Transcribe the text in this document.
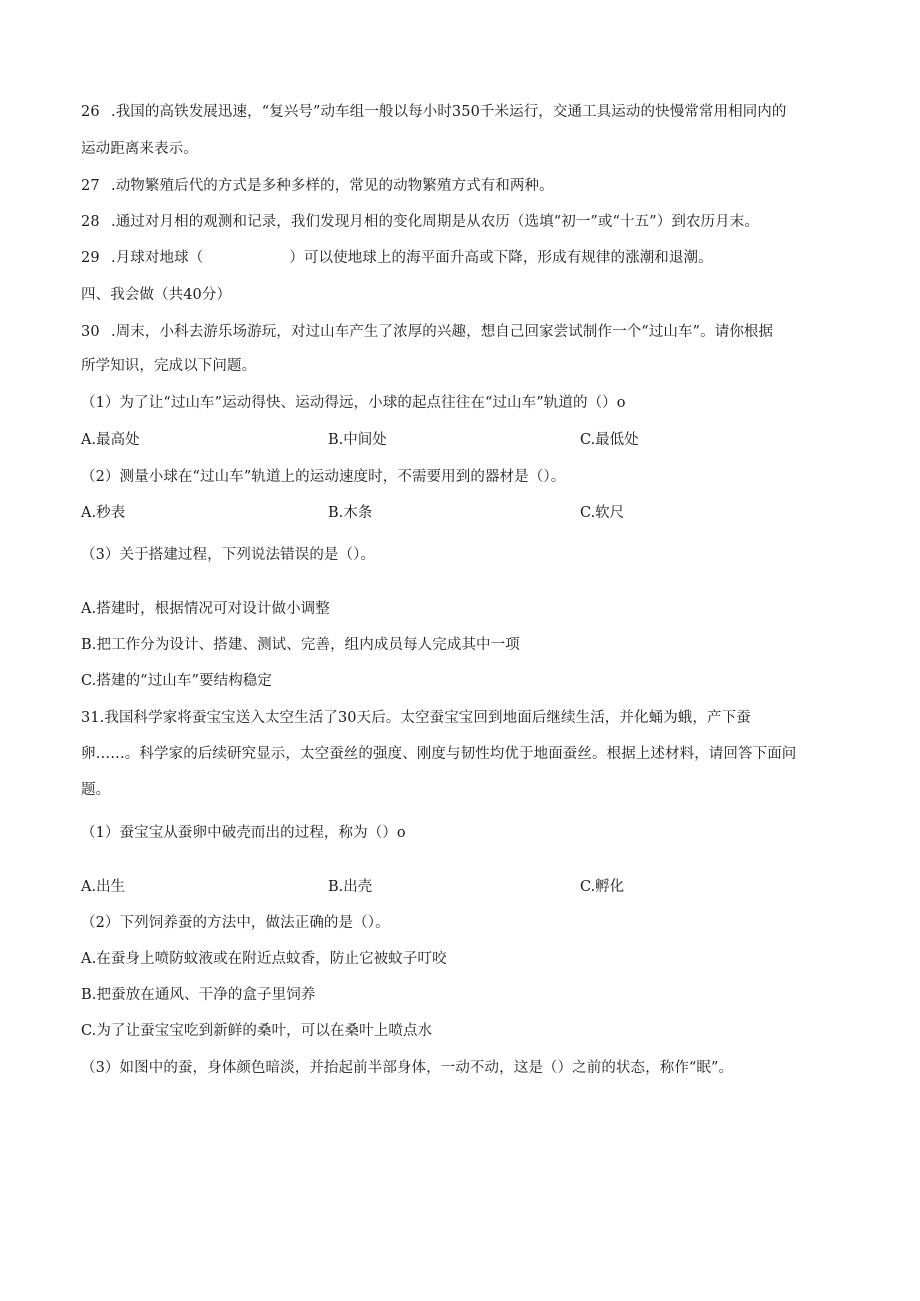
26 .我国的高铁发展迅速，“复兴号”动车组一般以每小时350千米运行，交通工具运动的快慢常常用相同内的
运动距离来表示。
27 .动物繁殖后代的方式是多种多样的，常见的动物繁殖方式有和两种。
28 .通过对月相的观测和记录，我们发现月相的变化周期是从农历（选填“初一”或“十五”）到农历月末。
29 .月球对地球（	）可以使地球上的海平面升高或下降，形成有规律的涨潮和退潮。
四、我会做（共40分）
30 .周末，小科去游乐场游玩，对过山车产生了浓厚的兴趣，想自己回家尝试制作一个“过山车”。请你根据
所学知识，完成以下问题。
（1）为了让“过山车”运动得快、运动得远，小球的起点往往在“过山车”轨道的（）o
A.最高处	B.中间处	C.最低处
（2）测量小球在“过山车”轨道上的运动速度时，不需要用到的器材是（）。
A.秒表	B.木条	C.软尺
（3）关于搭建过程，下列说法错误的是（）。
A.搭建时，根据情况可对设计做小调整
B.把工作分为设计、搭建、测试、完善，组内成员每人完成其中一项
C.搭建的“过山车”要结构稳定
31.我国科学家将蚕宝宝送入太空生活了30天后。太空蚕宝宝回到地面后继续生活，并化蛹为蛾，产下蚕
卵……。科学家的后续研究显示，太空蚕丝的强度、刚度与韧性均优于地面蚕丝。根据上述材料，请回答下面问
题。
（1）蚕宝宝从蚕卵中破壳而出的过程，称为（）o
A.出生	B.出壳	C.孵化
（2）下列饲养蚕的方法中，做法正确的是（）。
A.在蚕身上喷防蚊液或在附近点蚊香，防止它被蚊子叮咬
B.把蚕放在通风、干净的盒子里饲养
C.为了让蚕宝宝吃到新鲜的桑叶，可以在桑叶上喷点水
（3）如图中的蚕，身体颜色暗淡，并抬起前半部身体，一动不动，这是（）之前的状态，称作“眠”。
